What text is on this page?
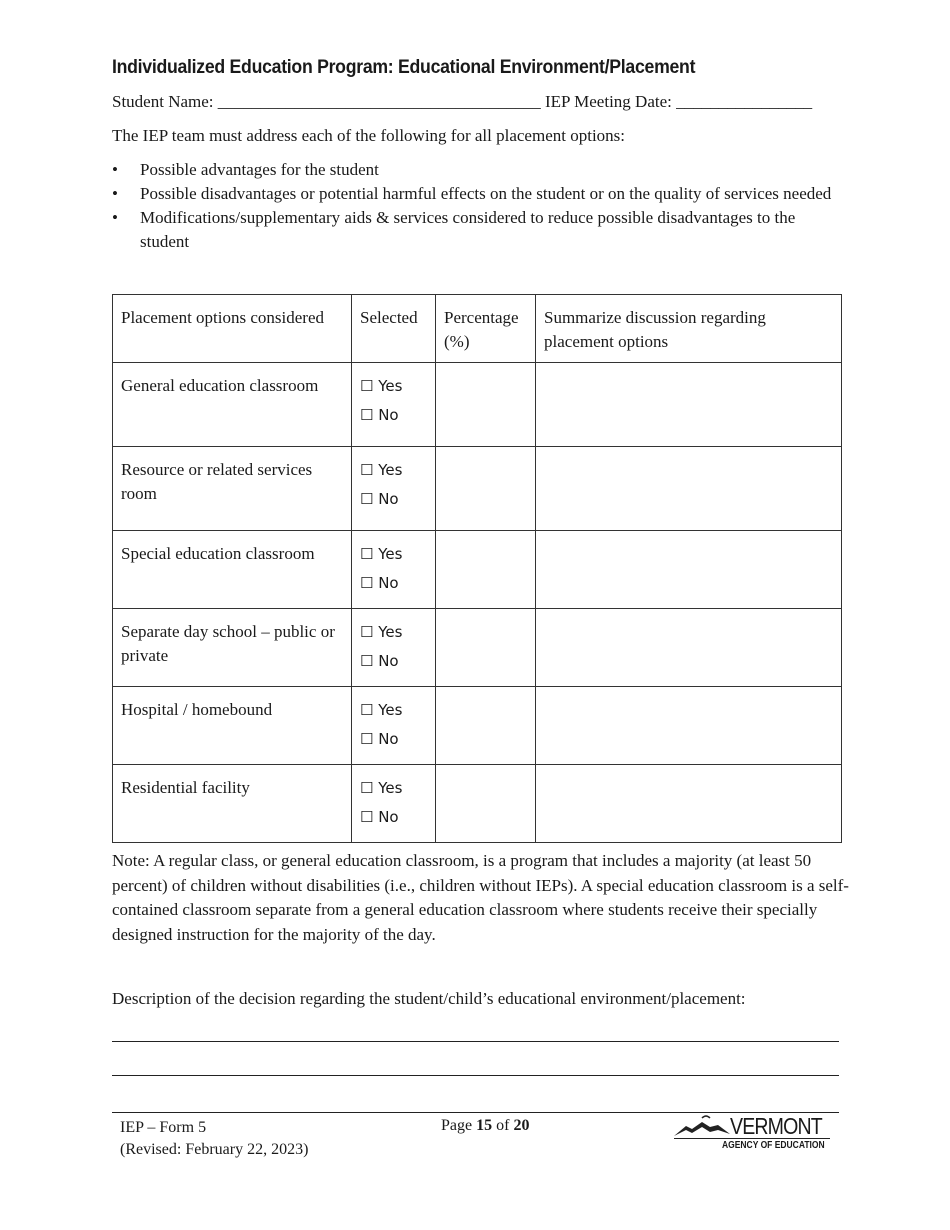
Individualized Education Program: Educational Environment/Placement
Student Name: ______________________________________ IEP Meeting Date: ________________
The IEP team must address each of the following for all placement options:
• Possible advantages for the student
• Possible disadvantages or potential harmful effects on the student or on the quality of services needed
• Modifications/supplementary aids & services considered to reduce possible disadvantages to the student
Placement options considered	Selected	Percentage (%)	Summarize discussion regarding placement options
General education classroom	☐ Yes
☐ No		

Resource or related services room	☐ Yes
☐ No		

Special education classroom	☐ Yes
☐ No		

Separate day school – public or private	☐ Yes
☐ No		

Hospital / homebound	☐ Yes
☐ No		

Residential facility	☐ Yes
☐ No		

Note: A regular class, or general education classroom, is a program that includes a majority (at least 50 percent) of children without disabilities (i.e., children without IEPs). A special education classroom is a self-contained classroom separate from a general education classroom where students receive their specially designed instruction for the majority of the day.
Description of the decision regarding the student/child’s educational environment/placement:
IEP – Form 5
(Revised: February 22, 2023)
Page 15 of 20	VERMONT
AGENCY OF EDUCATION
